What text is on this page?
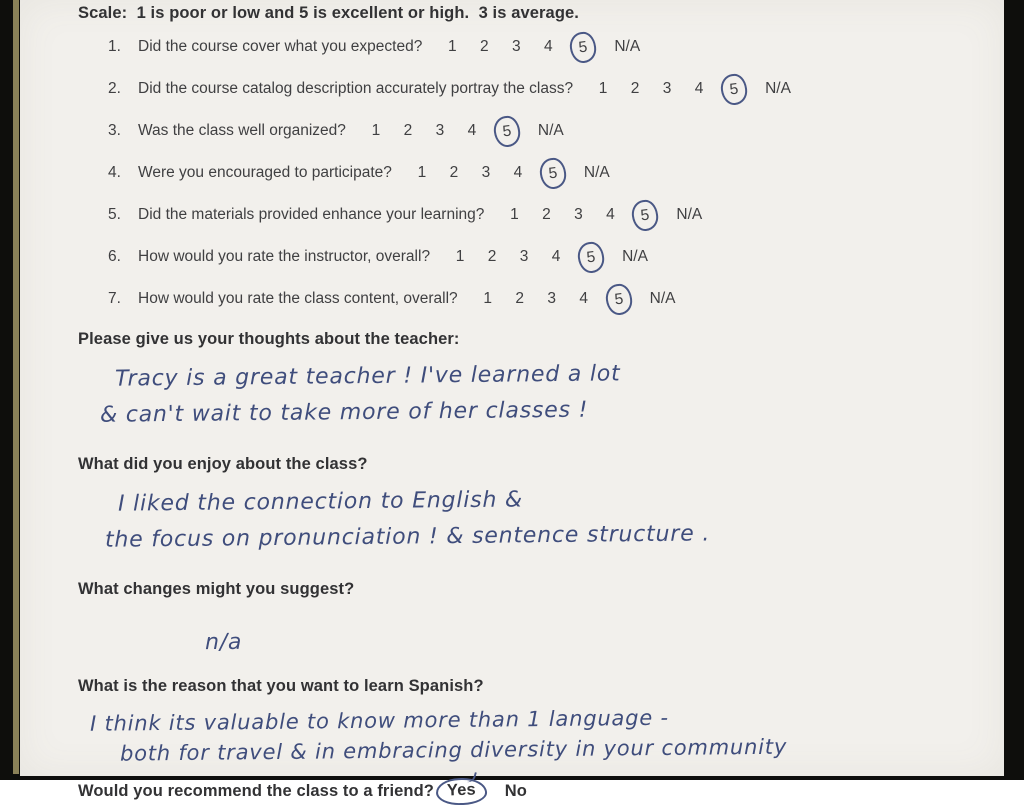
Scale:  1 is poor or low and 5 is excellent or high.  3 is average.

1.	Did the course cover what you expected? 1 2 3 4	5	N/A
2.	Did the course catalog description accurately portray the class? 1 2 3 4	5	N/A
3.	Was the class well organized? 1 2 3 4	5	N/A
4.	Were you encouraged to participate? 1 2 3 4	5	N/A
5.	Did the materials provided enhance your learning? 1 2 3 4	5	N/A
6.	How would you rate the instructor, overall? 1 2 3 4	5	N/A
7.	How would you rate the class content, overall? 1 2 3 4	5	N/A

Please give us your thoughts about the teacher:

Tracy is a great teacher ! I've learned a lot
& can't wait to take more of her classes !

What did you enjoy about the class?

I liked the connection to English &
the focus on pronunciation ! & sentence structure .

What changes might you suggest?

n/a

What is the reason that you want to learn Spanish?

I think its valuable to know more than 1 language -
both for travel & in embracing diversity in your community
Would you recommend the class to a friend? Yes	No
